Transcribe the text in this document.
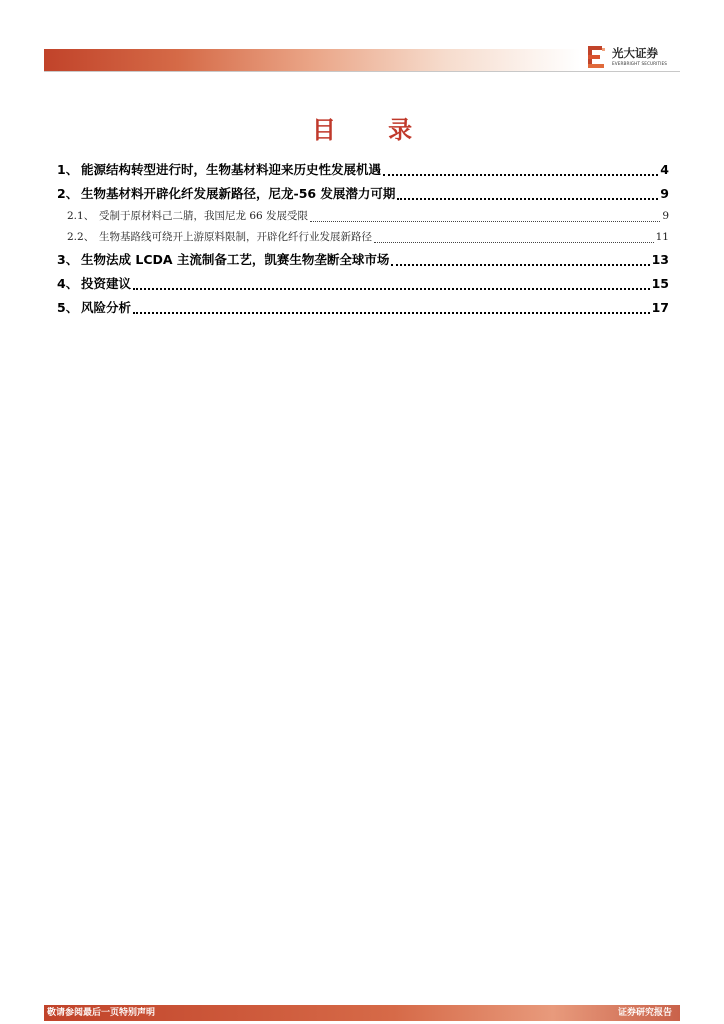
光大证券
EVERBRIGHT SECURITIES
目 录
1、 能源结构转型进行时，生物基材料迎来历史性发展机遇	4
2、 生物基材料开辟化纤发展新路径，尼龙-56 发展潜力可期	9
2.1、 受制于原材料己二腈，我国尼龙 66 发展受限	9
2.2、 生物基路线可绕开上游原料限制，开辟化纤行业发展新路径	11
3、 生物法成 LCDA 主流制备工艺，凯赛生物垄断全球市场	13
4、 投资建议	15
5、 风险分析	17
敬请参阅最后一页特别声明	证券研究报告
